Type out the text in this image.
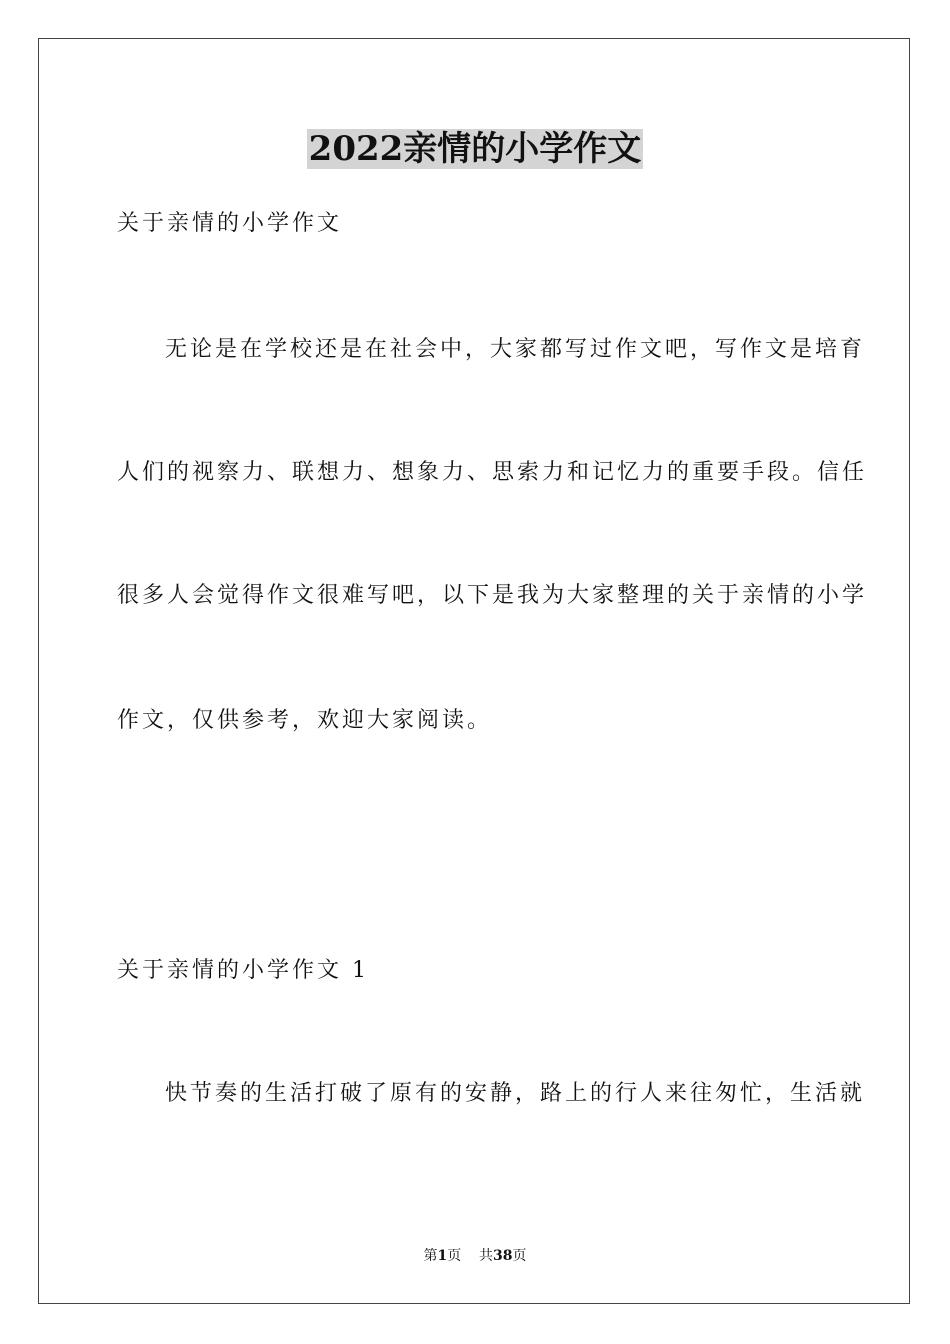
2022亲情的小学作文
关于亲情的小学作文
无论是在学校还是在社会中，大家都写过作文吧，写作文是培育
人们的视察力、联想力、想象力、思索力和记忆力的重要手段。信任
很多人会觉得作文很难写吧，以下是我为大家整理的关于亲情的小学
作文，仅供参考，欢迎大家阅读。
关于亲情的小学作文 1
快节奏的生活打破了原有的安静，路上的行人来往匆忙，生活就
第1页 共38页
